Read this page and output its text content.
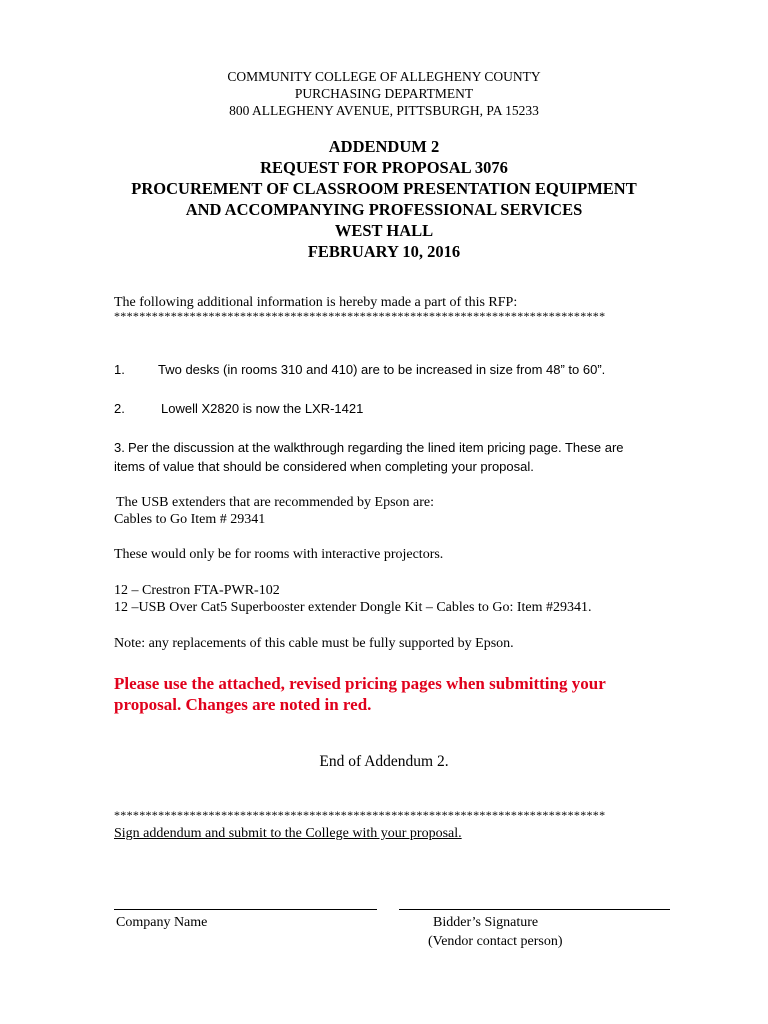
COMMUNITY COLLEGE OF ALLEGHENY COUNTY
PURCHASING DEPARTMENT
800 ALLEGHENY AVENUE, PITTSBURGH, PA 15233
ADDENDUM 2
REQUEST FOR PROPOSAL 3076
PROCUREMENT OF CLASSROOM PRESENTATION EQUIPMENT
AND ACCOMPANYING PROFESSIONAL SERVICES
WEST HALL
FEBRUARY 10, 2016
The following additional information is hereby made a part of this RFP:
******************************************************************************
1.	Two desks (in rooms 310 and 410) are to be increased in size from 48” to 60”.
2.	Lowell X2820 is now the LXR-1421
3. Per the discussion at the walkthrough regarding the lined item pricing page. These are
items of value that should be considered when completing your proposal.
The USB extenders that are recommended by Epson are:
Cables to Go Item # 29341
These would only be for rooms with interactive projectors.
12 – Crestron FTA-PWR-102
12 –USB Over Cat5 Superbooster extender Dongle Kit – Cables to Go: Item #29341.
Note: any replacements of this cable must be fully supported by Epson.
Please use the attached, revised pricing pages when submitting your
proposal. Changes are noted in red.
End of Addendum 2.
******************************************************************************
Sign addendum and submit to the College with your proposal.
Company Name	Bidder’s Signature
(Vendor contact person)
